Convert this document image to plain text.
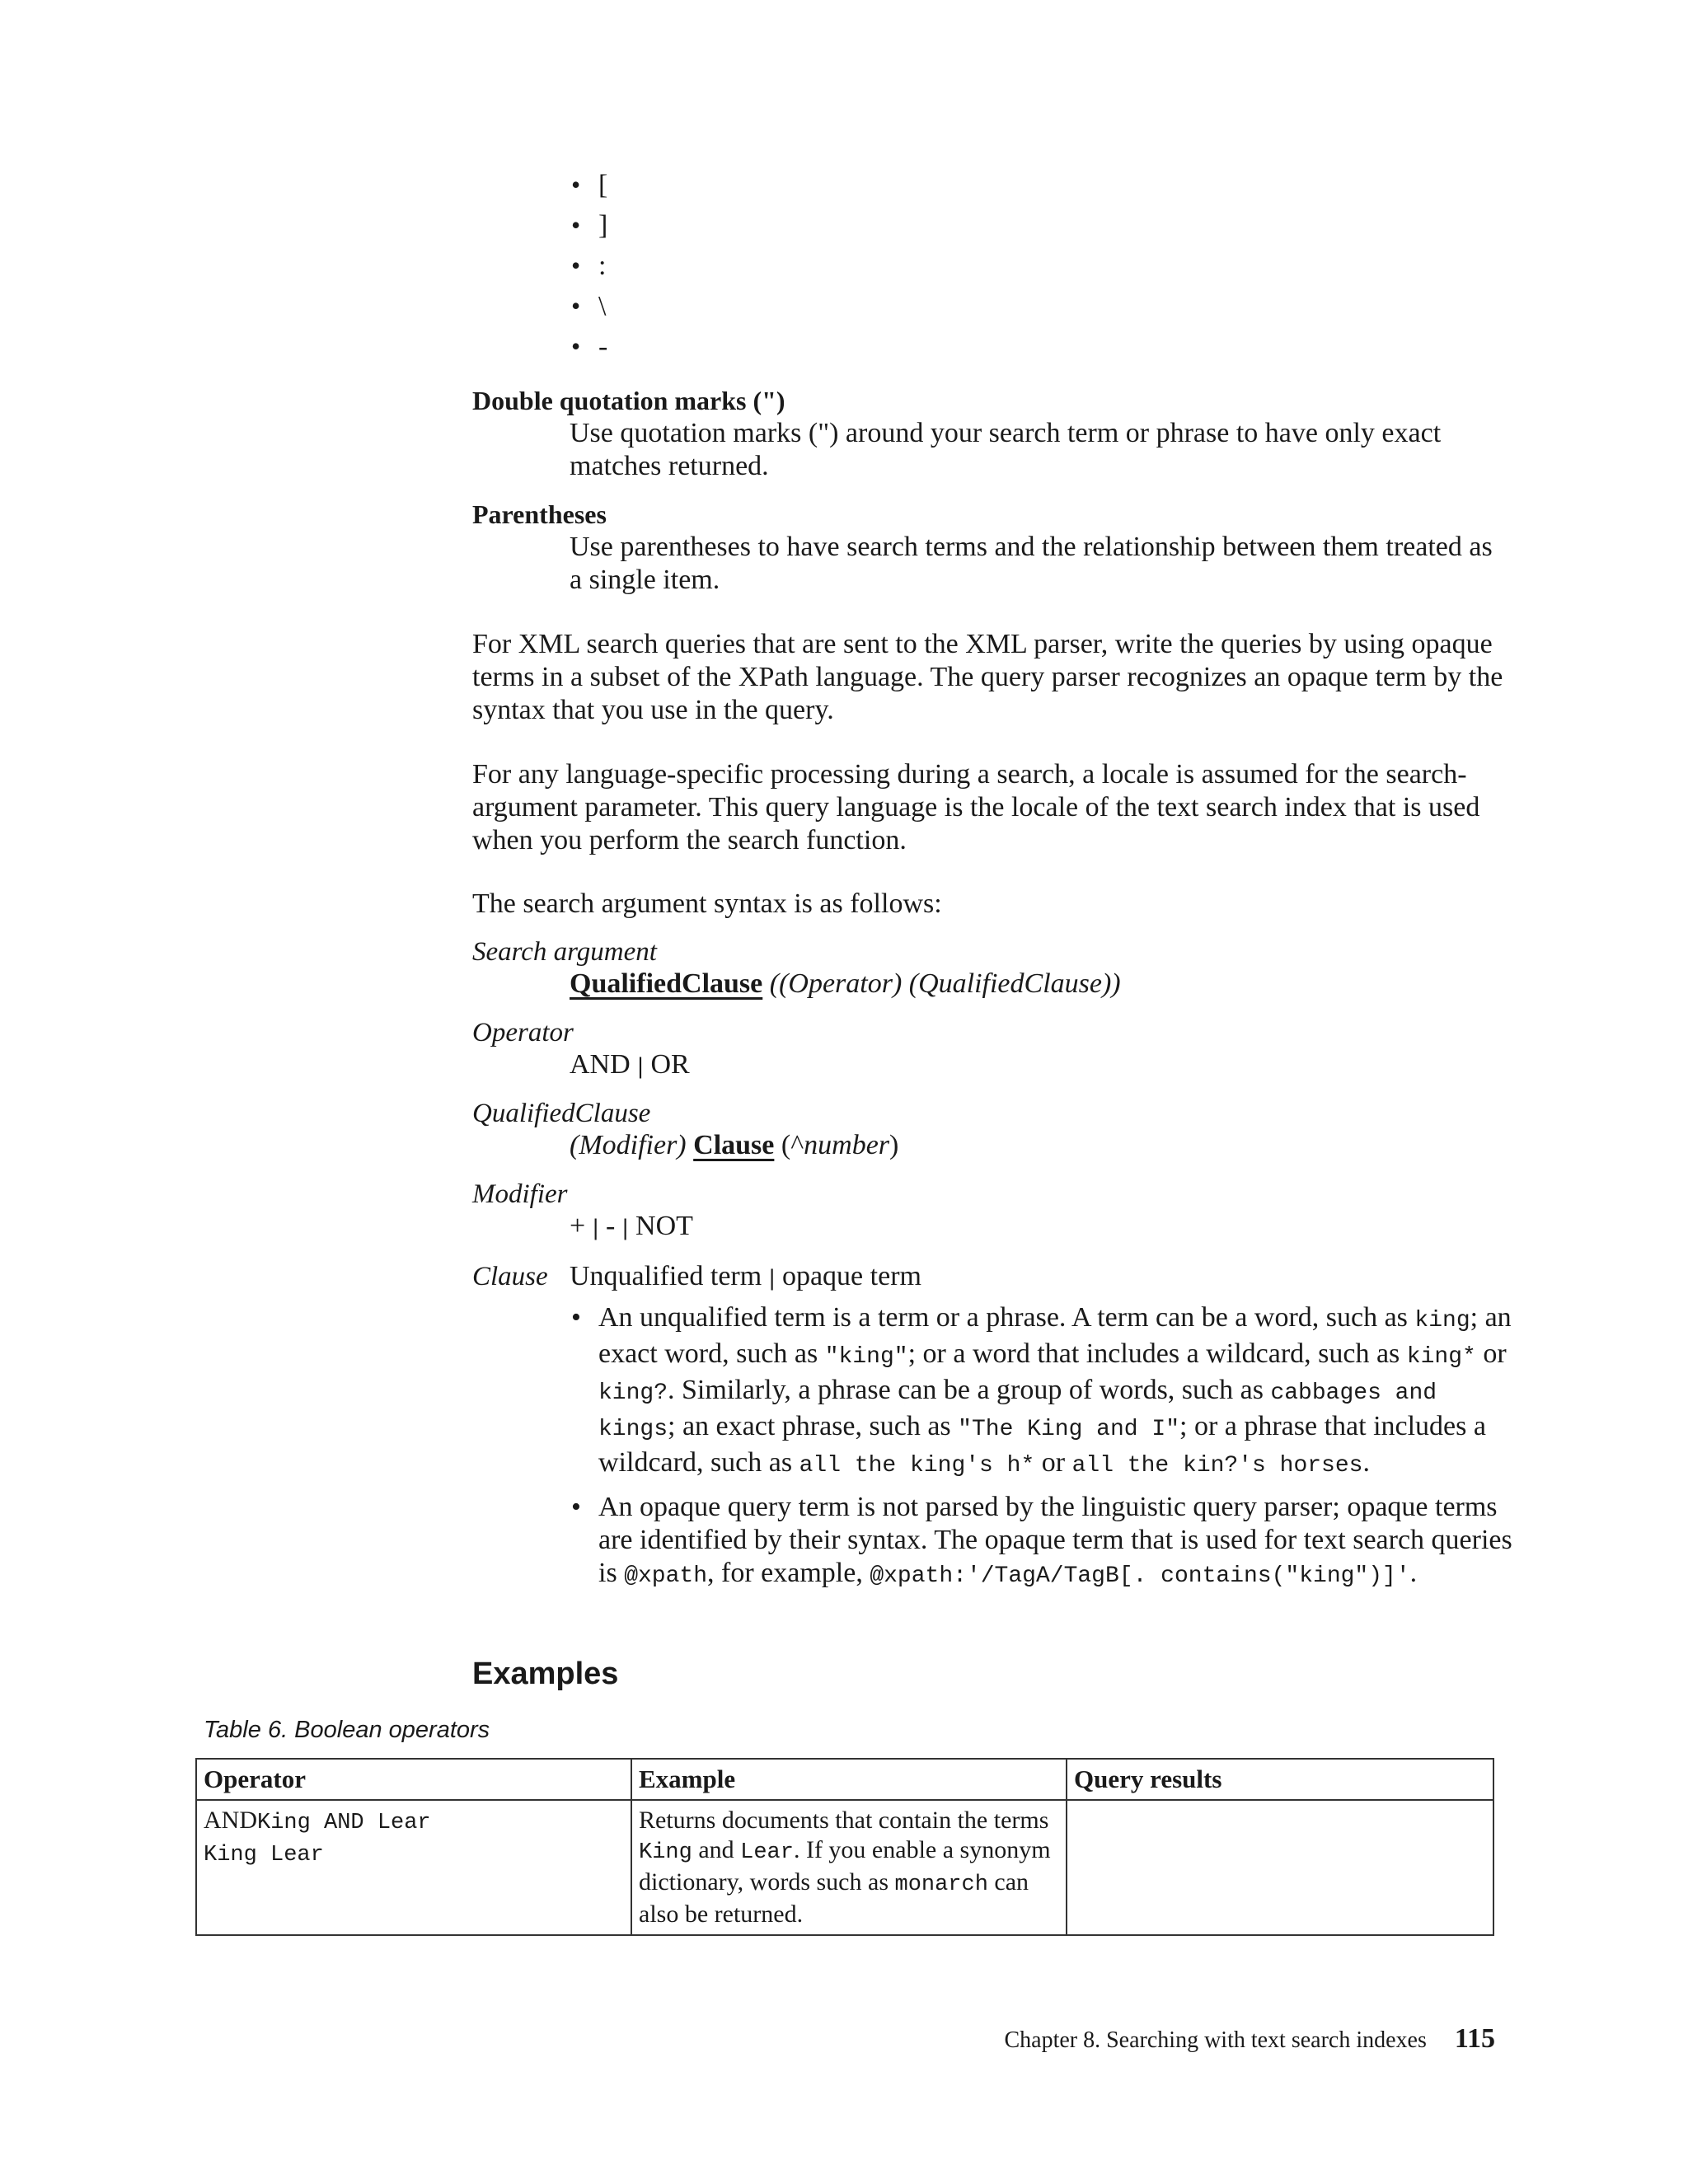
• [
• ]
• :
• \
• -
Double quotation marks (")
Use quotation marks (") around your search term or phrase to have only exact matches returned.
Parentheses
Use parentheses to have search terms and the relationship between them treated as a single item.

For XML search queries that are sent to the XML parser, write the queries by using opaque terms in a subset of the XPath language. The query parser recognizes an opaque term by the syntax that you use in the query.

For any language-specific processing during a search, a locale is assumed for the search-argument parameter. This query language is the locale of the text search index that is used when you perform the search function.

The search argument syntax is as follows:

Search argument
QualifiedClause ((Operator) (QualifiedClause))
Operator
AND | OR
QualifiedClause
(Modifier) Clause (^number)
Modifier
+ | - | NOT
Clause Unqualified term | opaque term
• An unqualified term is a term or a phrase. A term can be a word, such as king; an exact word, such as "king"; or a word that includes a wildcard, such as king* or king?. Similarly, a phrase can be a group of words, such as cabbages and kings; an exact phrase, such as "The King and I"; or a phrase that includes a wildcard, such as all the king's h* or all the kin?'s horses.
• An opaque query term is not parsed by the linguistic query parser; opaque terms are identified by their syntax. The opaque term that is used for text search queries is @xpath, for example, @xpath:'/TagA/TagB[. contains("king")]'.
Examples
Table 6. Boolean operators
Operator	Example	Query results
ANDKing AND Lear
King Lear	Returns documents that contain the terms King and Lear. If you enable a synonym dictionary, words such as monarch can also be returned.	
Chapter 8. Searching with text search indexes 115
